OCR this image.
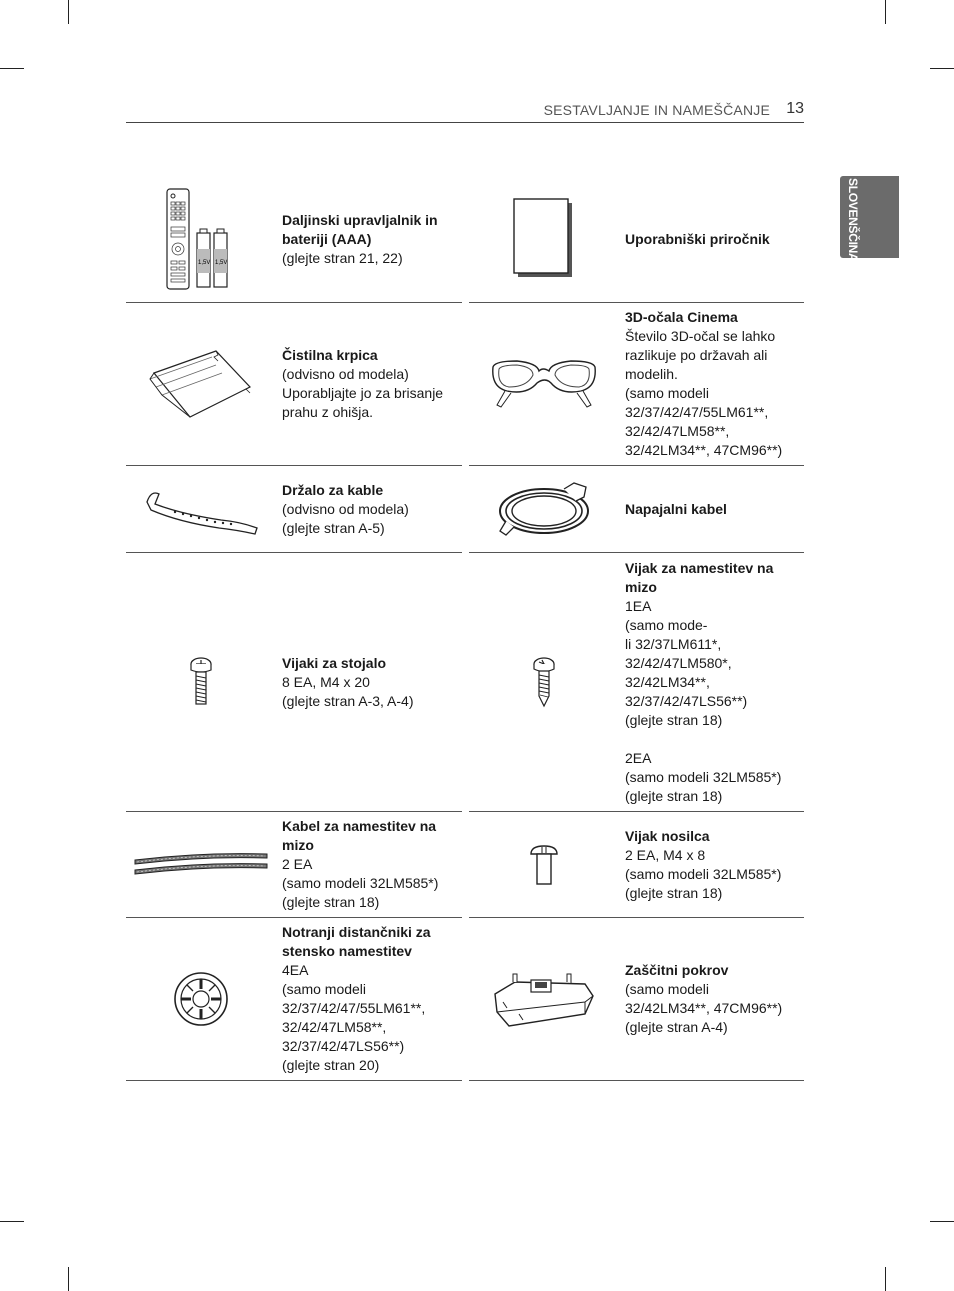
SESTAVLJANJE IN NAMEŠČANJE 13
SLOVENŠČINA
1,5V 1,5V
Daljinski upravljalnik in bateriji (AAA)
(glejte stran 21, 22)
Uporabniški priročnik
Čistilna krpica
(odvisno od modela)
Uporabljajte jo za brisanje prahu z ohišja.
3D-očala Cinema
Število 3D-očal se lahko razlikuje po državah ali modelih.
(samo modeli
32/37/42/47/55LM61**,
32/42/47LM58**,
32/42LM34**, 47CM96**)
Držalo za kable
(odvisno od modela)
(glejte stran A-5)
Napajalni kabel
Vijaki za stojalo
8 EA, M4 x 20
(glejte stran A-3, A-4)
Vijak za namestitev na mizo
1EA
(samo mode-
li 32/37LM611*,
32/42/47LM580*,
32/42LM34**,
32/37/42/47LS56**)
(glejte stran 18)

2EA
(samo modeli 32LM585*)
(glejte stran 18)
Kabel za namestitev na mizo
2 EA
(samo modeli 32LM585*)
(glejte stran 18)
Vijak nosilca
2 EA, M4 x 8
(samo modeli 32LM585*)
(glejte stran 18)
Notranji distančniki za stensko namestitev
4EA
(samo modeli
32/37/42/47/55LM61**,
32/42/47LM58**,
32/37/42/47LS56**)
(glejte stran 20)
Zaščitni pokrov
(samo modeli
32/42LM34**, 47CM96**)
(glejte stran A-4)
